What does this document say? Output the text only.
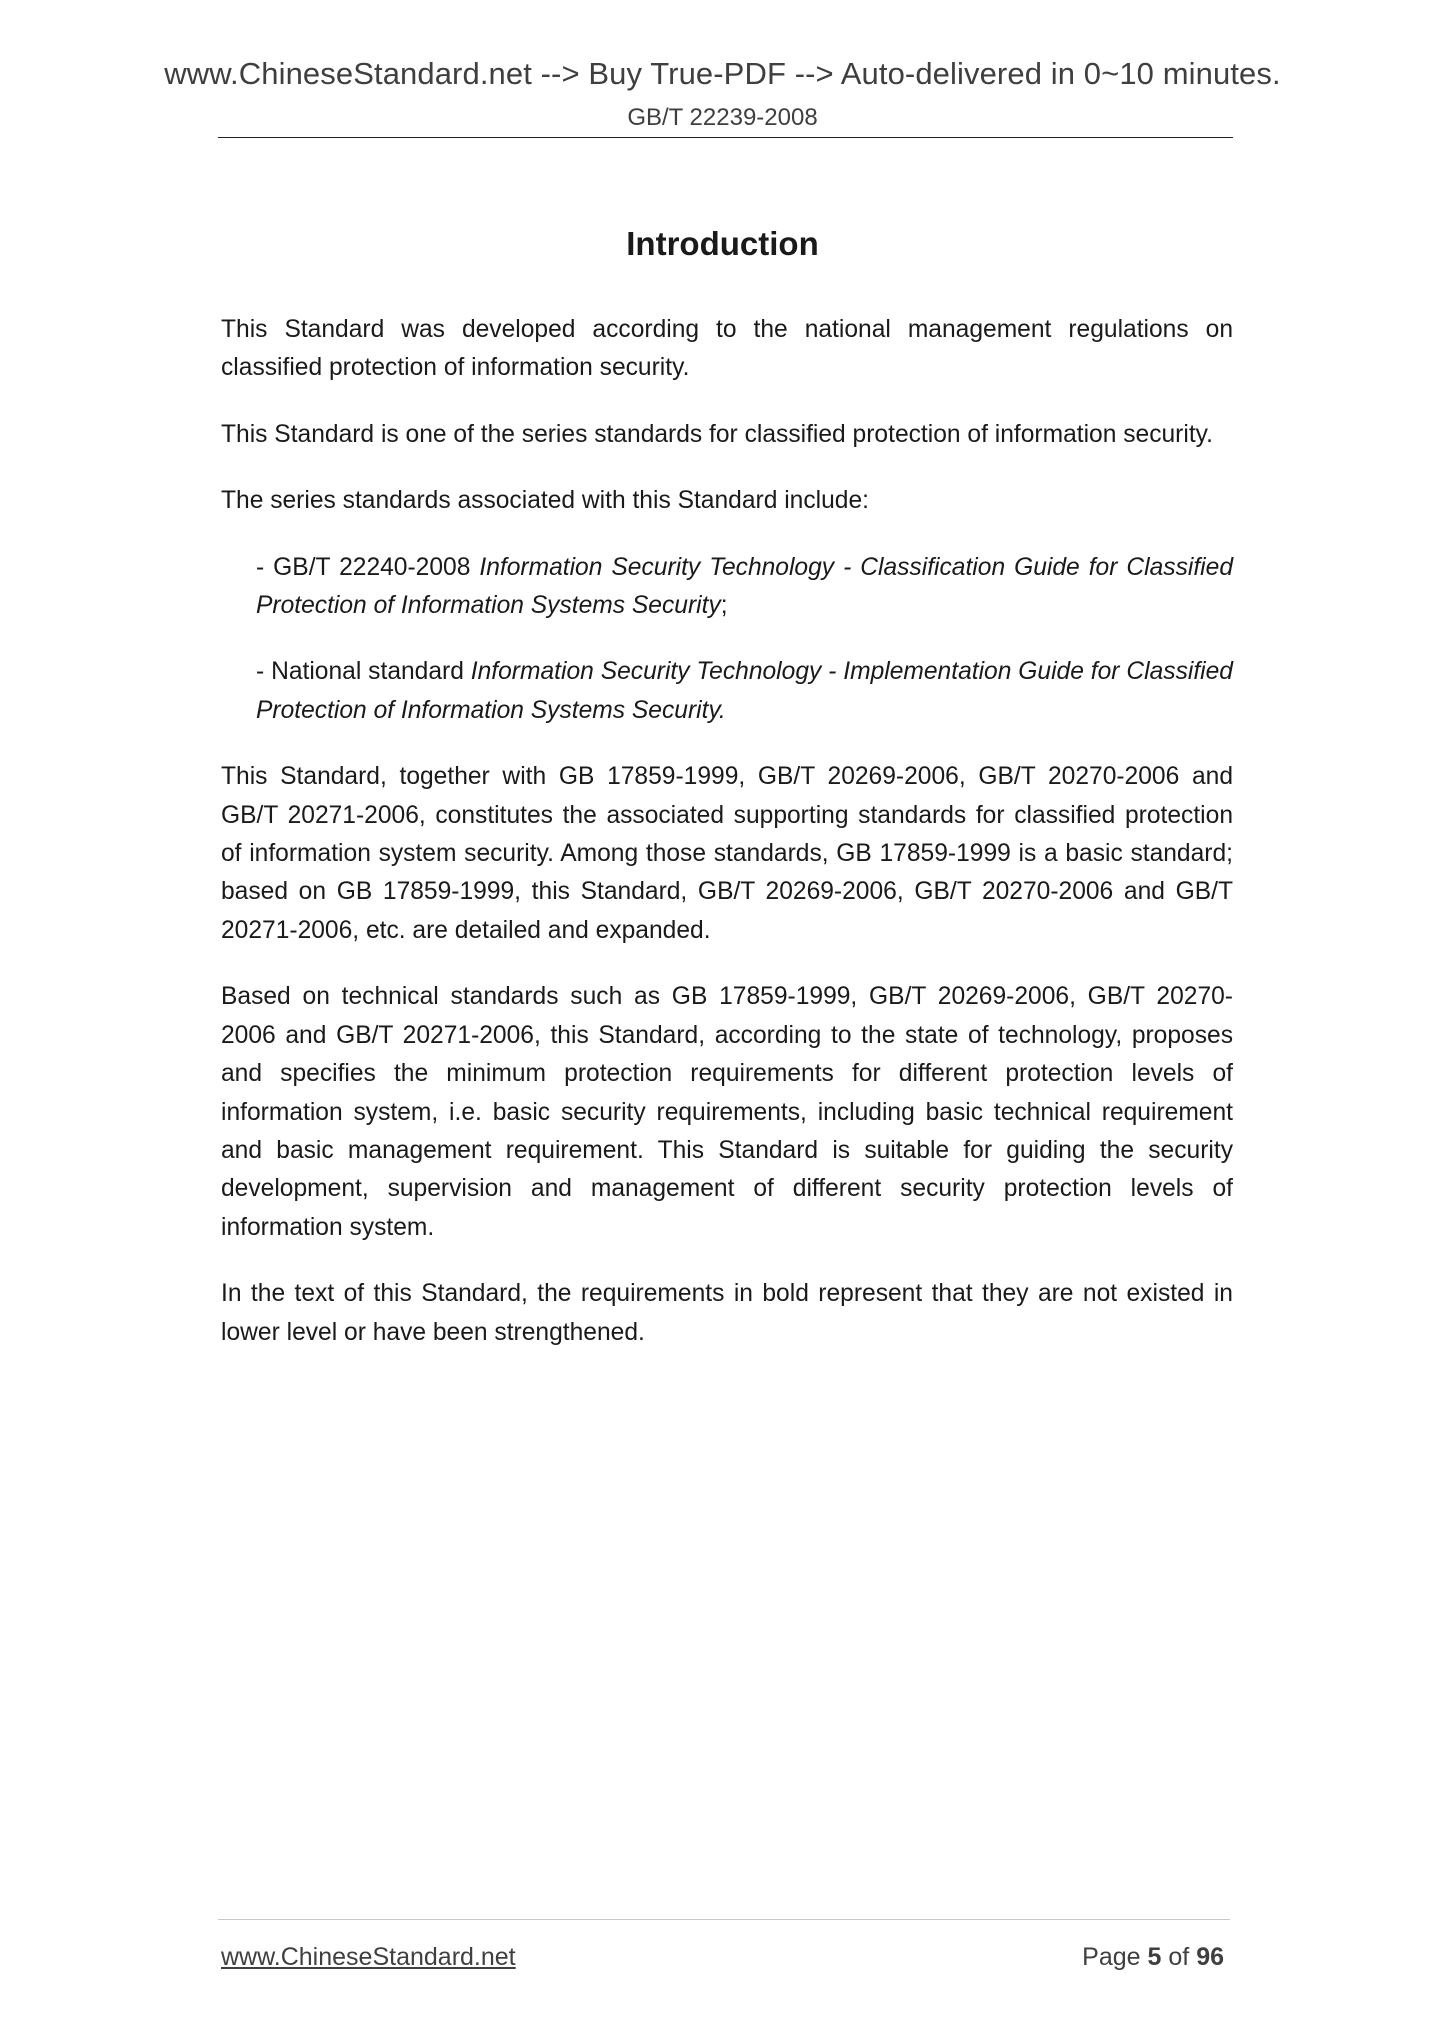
www.ChineseStandard.net --> Buy True-PDF --> Auto-delivered in 0~10 minutes.
GB/T 22239-2008
Introduction

This Standard was developed according to the national management regulations on classified protection of information security.

This Standard is one of the series standards for classified protection of information security.

The series standards associated with this Standard include:

- GB/T 22240-2008 Information Security Technology - Classification Guide for Classified Protection of Information Systems Security;

- National standard Information Security Technology - Implementation Guide for Classified Protection of Information Systems Security.

This Standard, together with GB 17859-1999, GB/T 20269-2006, GB/T 20270-2006 and GB/T 20271-2006, constitutes the associated supporting standards for classified protection of information system security. Among those standards, GB 17859-1999 is a basic standard; based on GB 17859-1999, this Standard, GB/T 20269-2006, GB/T 20270-2006 and GB/T 20271-2006, etc. are detailed and expanded.

Based on technical standards such as GB 17859-1999, GB/T 20269-2006, GB/T 20270-2006 and GB/T 20271-2006, this Standard, according to the state of technology, proposes and specifies the minimum protection requirements for different protection levels of information system, i.e. basic security requirements, including basic technical requirement and basic management requirement. This Standard is suitable for guiding the security development, supervision and management of different security protection levels of information system.

In the text of this Standard, the requirements in bold represent that they are not existed in lower level or have been strengthened.

www.ChineseStandard.net	Page 5 of 96
